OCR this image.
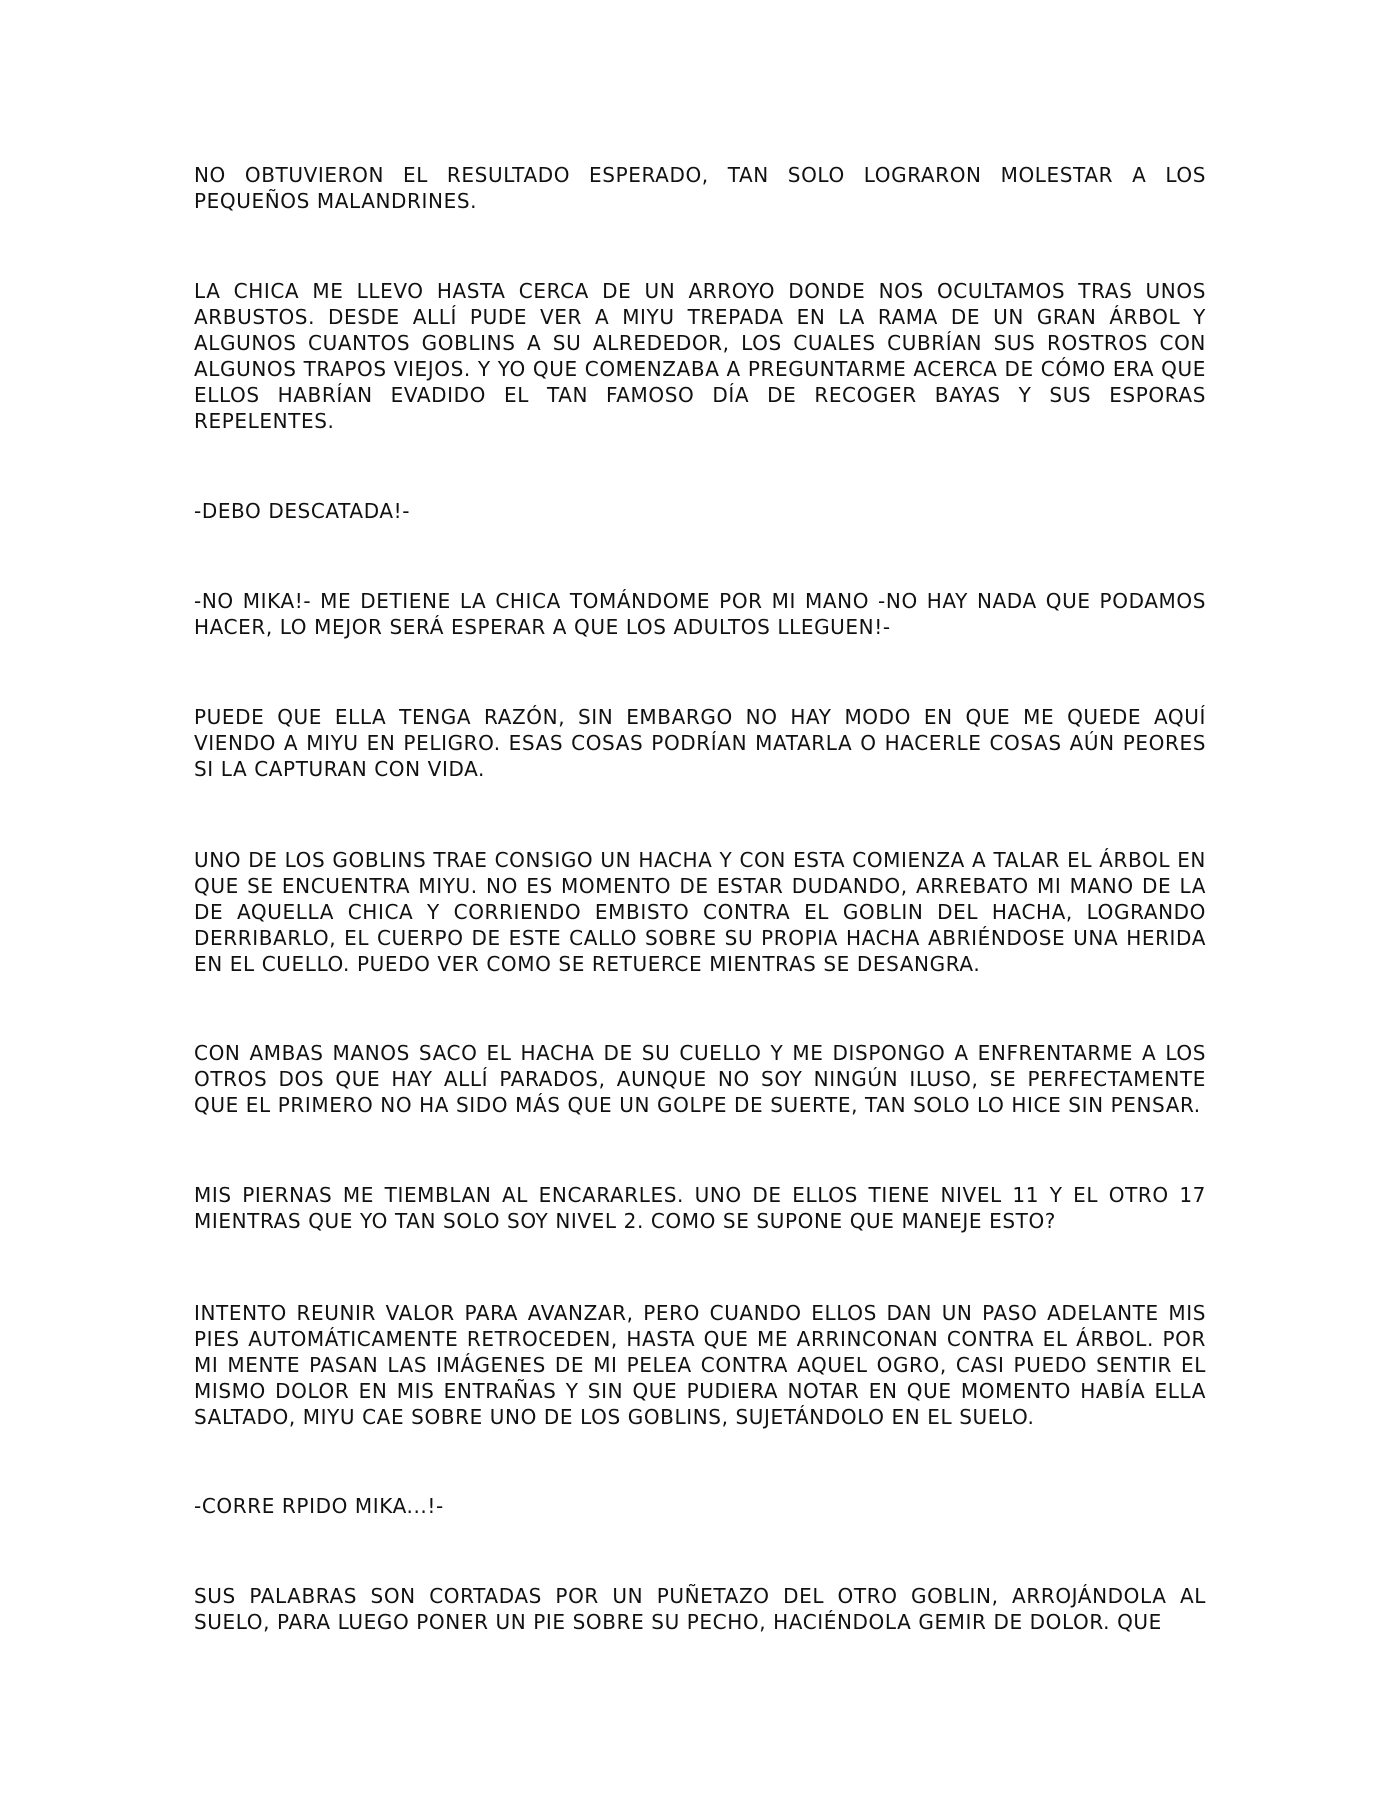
NO OBTUVIERON EL RESULTADO ESPERADO, TAN SOLO LOGRARON MOLESTAR A LOS PEQUEÑOS MALANDRINES.

LA CHICA ME LLEVO HASTA CERCA DE UN ARROYO DONDE NOS OCULTAMOS TRAS UNOS ARBUSTOS. DESDE ALLÍ PUDE VER A MIYU TREPADA EN LA RAMA DE UN GRAN ÁRBOL Y ALGUNOS CUANTOS GOBLINS A SU ALREDEDOR, LOS CUALES CUBRÍAN SUS ROSTROS CON ALGUNOS TRAPOS VIEJOS. Y YO QUE COMENZABA A PREGUNTARME ACERCA DE CÓMO ERA QUE ELLOS HABRÍAN EVADIDO EL TAN FAMOSO DÍA DE RECOGER BAYAS Y SUS ESPORAS REPELENTES.

-DEBO DESCATADA!-

-NO MIKA!- ME DETIENE LA CHICA TOMÁNDOME POR MI MANO -NO HAY NADA QUE PODAMOS HACER, LO MEJOR SERÁ ESPERAR A QUE LOS ADULTOS LLEGUEN!-

PUEDE QUE ELLA TENGA RAZÓN, SIN EMBARGO NO HAY MODO EN QUE ME QUEDE AQUÍ VIENDO A MIYU EN PELIGRO. ESAS COSAS PODRÍAN MATARLA O HACERLE COSAS AÚN PEORES SI LA CAPTURAN CON VIDA.

UNO DE LOS GOBLINS TRAE CONSIGO UN HACHA Y CON ESTA COMIENZA A TALAR EL ÁRBOL EN QUE SE ENCUENTRA MIYU. NO ES MOMENTO DE ESTAR DUDANDO, ARREBATO MI MANO DE LA DE AQUELLA CHICA Y CORRIENDO EMBISTO CONTRA EL GOBLIN DEL HACHA, LOGRANDO DERRIBARLO, EL CUERPO DE ESTE CALLO SOBRE SU PROPIA HACHA ABRIÉNDOSE UNA HERIDA EN EL CUELLO. PUEDO VER COMO SE RETUERCE MIENTRAS SE DESANGRA.

CON AMBAS MANOS SACO EL HACHA DE SU CUELLO Y ME DISPONGO A ENFRENTARME A LOS OTROS DOS QUE HAY ALLÍ PARADOS, AUNQUE NO SOY NINGÚN ILUSO, SE PERFECTAMENTE QUE EL PRIMERO NO HA SIDO MÁS QUE UN GOLPE DE SUERTE, TAN SOLO LO HICE SIN PENSAR.

MIS PIERNAS ME TIEMBLAN AL ENCARARLES. UNO DE ELLOS TIENE NIVEL 11 Y EL OTRO 17 MIENTRAS QUE YO TAN SOLO SOY NIVEL 2. COMO SE SUPONE QUE MANEJE ESTO?

INTENTO REUNIR VALOR PARA AVANZAR, PERO CUANDO ELLOS DAN UN PASO ADELANTE MIS PIES AUTOMÁTICAMENTE RETROCEDEN, HASTA QUE ME ARRINCONAN CONTRA EL ÁRBOL. POR MI MENTE PASAN LAS IMÁGENES DE MI PELEA CONTRA AQUEL OGRO, CASI PUEDO SENTIR EL MISMO DOLOR EN MIS ENTRAÑAS Y SIN QUE PUDIERA NOTAR EN QUE MOMENTO HABÍA ELLA SALTADO, MIYU CAE SOBRE UNO DE LOS GOBLINS, SUJETÁNDOLO EN EL SUELO.

-CORRE RPIDO MIKA...!-

SUS PALABRAS SON CORTADAS POR UN PUÑETAZO DEL OTRO GOBLIN, ARROJÁNDOLA AL SUELO, PARA LUEGO PONER UN PIE SOBRE SU PECHO, HACIÉNDOLA GEMIR DE DOLOR. QUE
